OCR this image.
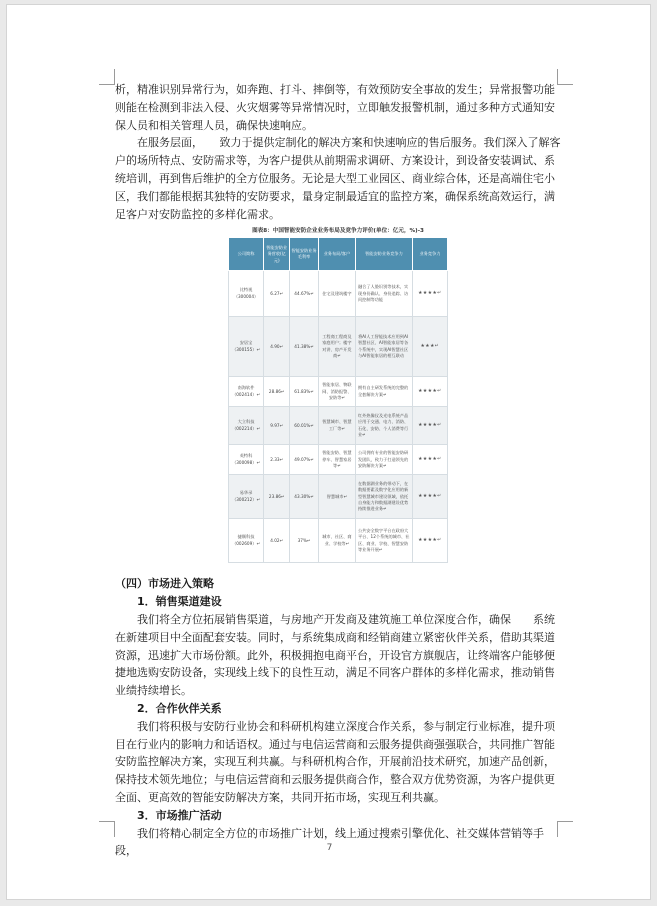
析，精准识别异常行为，如奔跑、打斗、摔倒等，有效预防安全事故的发生；异常报警功能则能在检测到非法入侵、火灾烟雾等异常情况时，立即触发报警机制，通过多种方式通知安保人员和相关管理人员，确保快速响应。

在服务层面，　　致力于提供定制化的解决方案和快速响应的售后服务。我们深入了解客户的场所特点、安防需求等，为客户提供从前期需求调研、方案设计，到设备安装调试、系统培训，再到售后维护的全方位服务。无论是大型工业园区、商业综合体，还是高端住宅小区，我们都能根据其独特的安防要求，量身定制最适宜的监控方案，确保系统高效运行，满足客户对安防监控的多样化需求。

图表8：中国智能安防企业业务布局及竞争力评价(单位：亿元，%)-3
公司简称	智能安防业务营收(亿元)	智能安防业务毛利率	业务布局/客户	智能安防业务竞争力	业务竞争力
比特视
（300004）	6.27↵	44.67%↵	住宅及建筑楼宇	融合了人脸识别等技术，实现身份确认、身份追踪、访问控制等功能	★★★★↵
安居宝
（300155）↵	4.90↵	41.38%↵	工程商工程商及家庭用户；楼宇对讲、房产开发商↵	将AI人工智能技术应用到AI智慧社区、AI智能家居等各个系统中，实现AI智慧社区与AI智能家居的相互联动	★★★↵
南海软件
（002414）↵	28.86↵	61.83%↵	智能家居、物联网、消防报警、安防等↵	拥有自主研发系统的完整的全套解决方案↵	★★★★↵
大立科技
（002214）↵	9.97↵	60.01%↵	智慧城市、智慧工厂等↵	红外热像仪及光电系统产品应用于交通、电力、消防、石化、安防、个人消费等行业↵	★★★★↵
英特科
（300098）↵	2.33↵	49.07%↵	智能安防、智慧停车、智慧家居等↵	公司拥有专业的智能安防研发团队，致力于打造领先的安防解决方案↵	★★★★↵
易华录
（300212）↵	23.86↵	43.30%↵	智慧城市↵	在数据湖业务的带动下，在数据要素及数字化应用的新型智慧城市建设领域，依托自身能力和数据湖建设优势持续推进业务↵	★★★★↵
捷顺科技
（002609）↵	4.02↵	37%↵	城市、社区、商业、学校等↵	公共安全数字平台在政府大平台、12个系统的城市、社区、商业、学校、智慧安防等业务开展↵	★★★★↵
（四）市场进入策略
1．销售渠道建设

我们将全方位拓展销售渠道，与房地产开发商及建筑施工单位深度合作，确保　　系统在新建项目中全面配套安装。同时，与系统集成商和经销商建立紧密伙伴关系，借助其渠道资源，迅速扩大市场份额。此外，积极拥抱电商平台，开设官方旗舰店，让终端客户能够便捷地选购安防设备，实现线上线下的良性互动，满足不同客户群体的多样化需求，推动销售业绩持续增长。

2．合作伙伴关系

我们将积极与安防行业协会和科研机构建立深度合作关系，参与制定行业标准，提升项目在行业内的影响力和话语权。通过与电信运营商和云服务提供商强强联合，共同推广智能安防监控解决方案，实现互利共赢。与科研机构合作，开展前沿技术研究，加速产品创新，保持技术领先地位；与电信运营商和云服务提供商合作，整合双方优势资源，为客户提供更全面、更高效的智能安防解决方案，共同开拓市场，实现互利共赢。

3．市场推广活动

我们将精心制定全方位的市场推广计划，线上通过搜索引擎优化、社交媒体营销等手段，	7
